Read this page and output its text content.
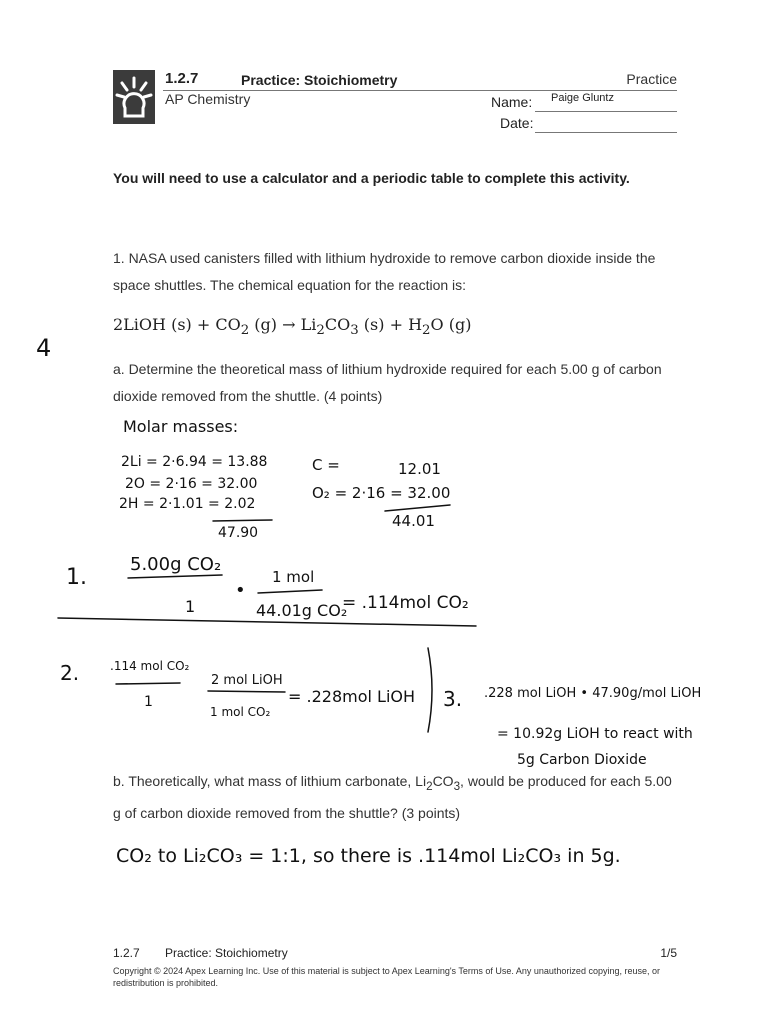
1.2.7	Practice: Stoichiometry	Practice
AP Chemistry	Name: Paige Gluntz
Date:
You will need to use a calculator and a periodic table to complete this activity.
1. NASA used canisters filled with lithium hydroxide to remove carbon dioxide inside the space shuttles. The chemical equation for the reaction is:
2LiOH $(s) + CO_2$ $(g) \to Li_2CO_3$ $(s) + H_2O$ (g)
a. Determine the theoretical mass of lithium hydroxide required for each 5.00 g of carbon dioxide removed from the shuttle. (4 points)
4
Molar masses:
2Li = 2·6.94 = 13.88
2O = 2·16 = 32.00
2H = 2·1.01 = 2.02
47.90
C =	12.01
O₂ = 2·16 = 32.00
44.01
1.
5.00g CO₂
1
•
1 mol
44.01g CO₂
= .114mol CO₂
2.	.114 mol CO₂
1
2 mol LiOH
1 mol CO₂
= .228mol LiOH 3. .228 mol LiOH • 47.90g/mol LiOH
= 10.92g LiOH to react with
5g Carbon Dioxide
CO₂ to Li₂CO₃ = 1:1, so there is .114mol Li₂CO₃ in 5g.
b. Theoretically, what mass of lithium carbonate, $Li_2CO_3$, would be produced for each 5.00 g of carbon dioxide removed from the shuttle? (3 points)
1.2.7 Practice: Stoichiometry	1/5
Copyright © 2024 Apex Learning Inc. Use of this material is subject to Apex Learning's Terms of Use. Any unauthorized copying, reuse, or redistribution is prohibited.
